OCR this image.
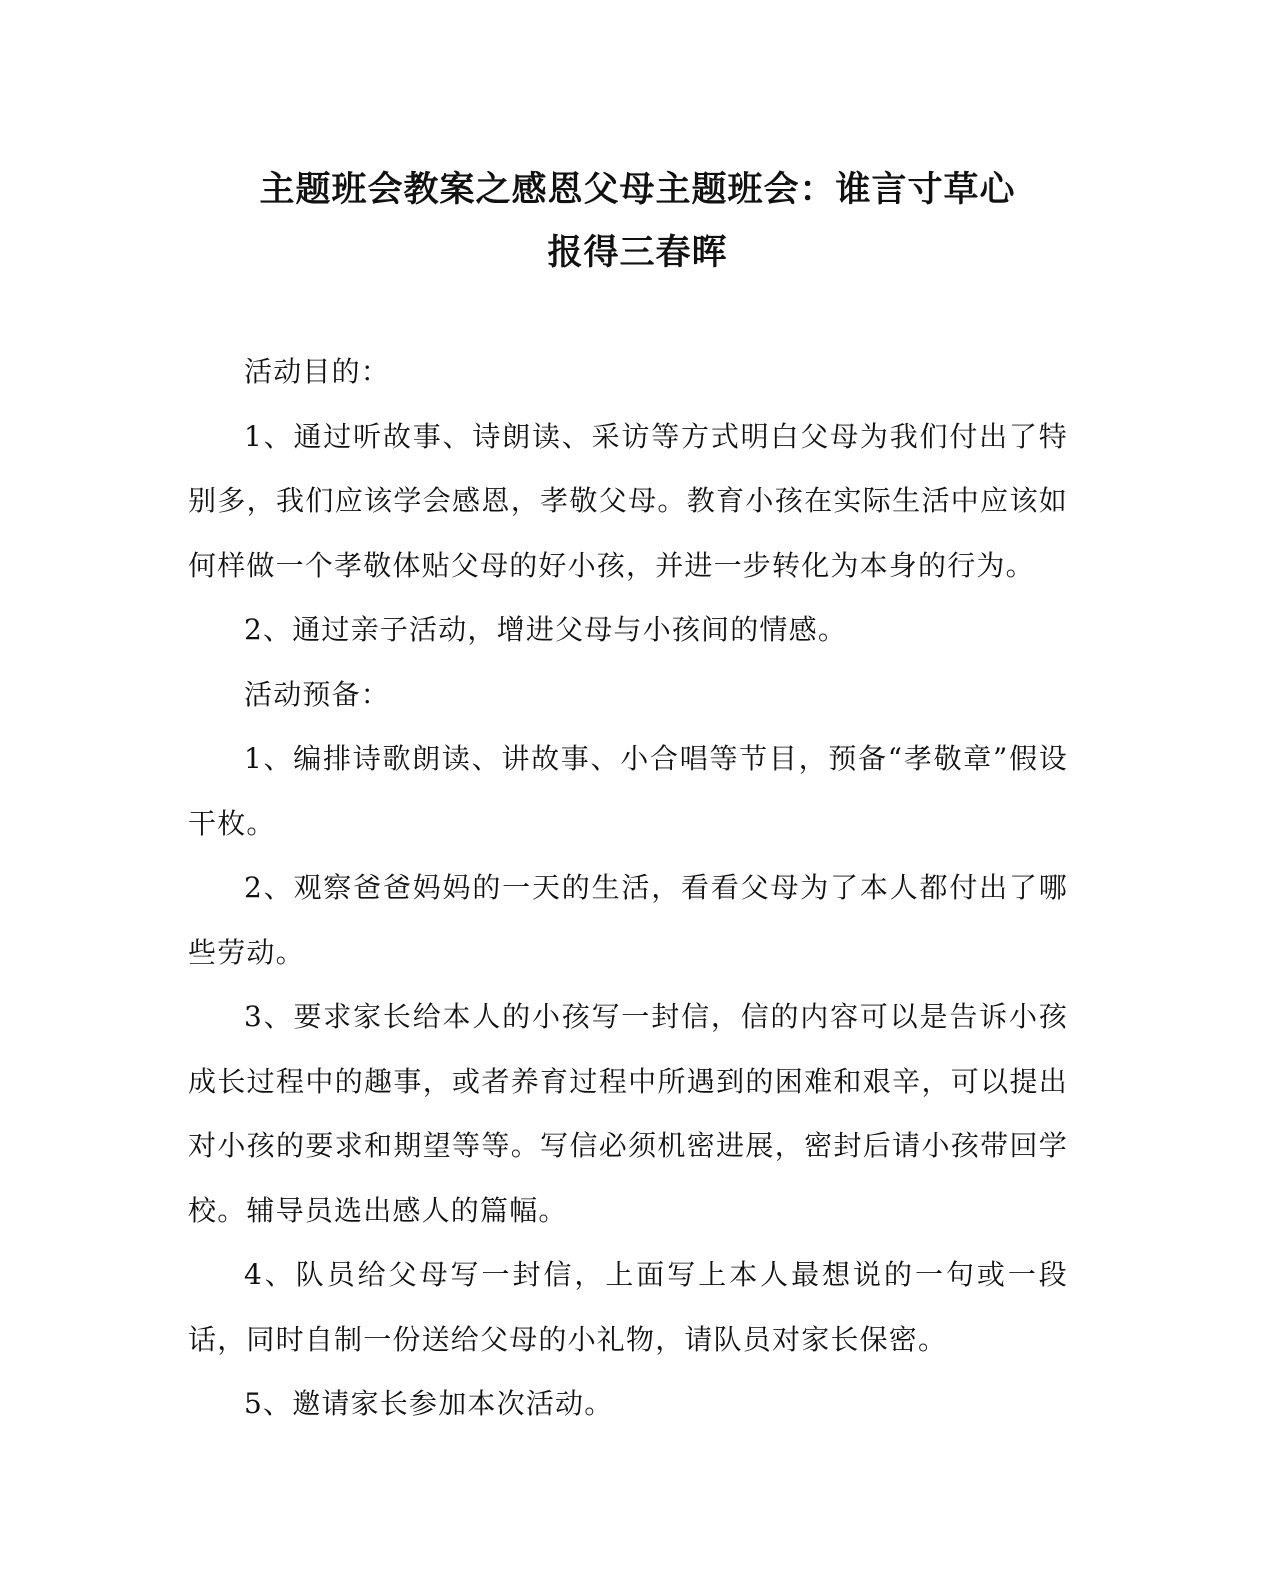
主题班会教案之感恩父母主题班会：谁言寸草心
报得三春晖

活动目的：

1、通过听故事、诗朗读、采访等方式明白父母为我们付出了特别多，我们应该学会感恩，孝敬父母。教育小孩在实际生活中应该如何样做一个孝敬体贴父母的好小孩，并进一步转化为本身的行为。

2、通过亲子活动，增进父母与小孩间的情感。

活动预备：

1、编排诗歌朗读、讲故事、小合唱等节目，预备“孝敬章”假设干枚。

2、观察爸爸妈妈的一天的生活，看看父母为了本人都付出了哪些劳动。

3、要求家长给本人的小孩写一封信，信的内容可以是告诉小孩成长过程中的趣事，或者养育过程中所遇到的困难和艰辛，可以提出对小孩的要求和期望等等。写信必须机密进展，密封后请小孩带回学校。辅导员选出感人的篇幅。

4、队员给父母写一封信，上面写上本人最想说的一句或一段话，同时自制一份送给父母的小礼物，请队员对家长保密。

5、邀请家长参加本次活动。
